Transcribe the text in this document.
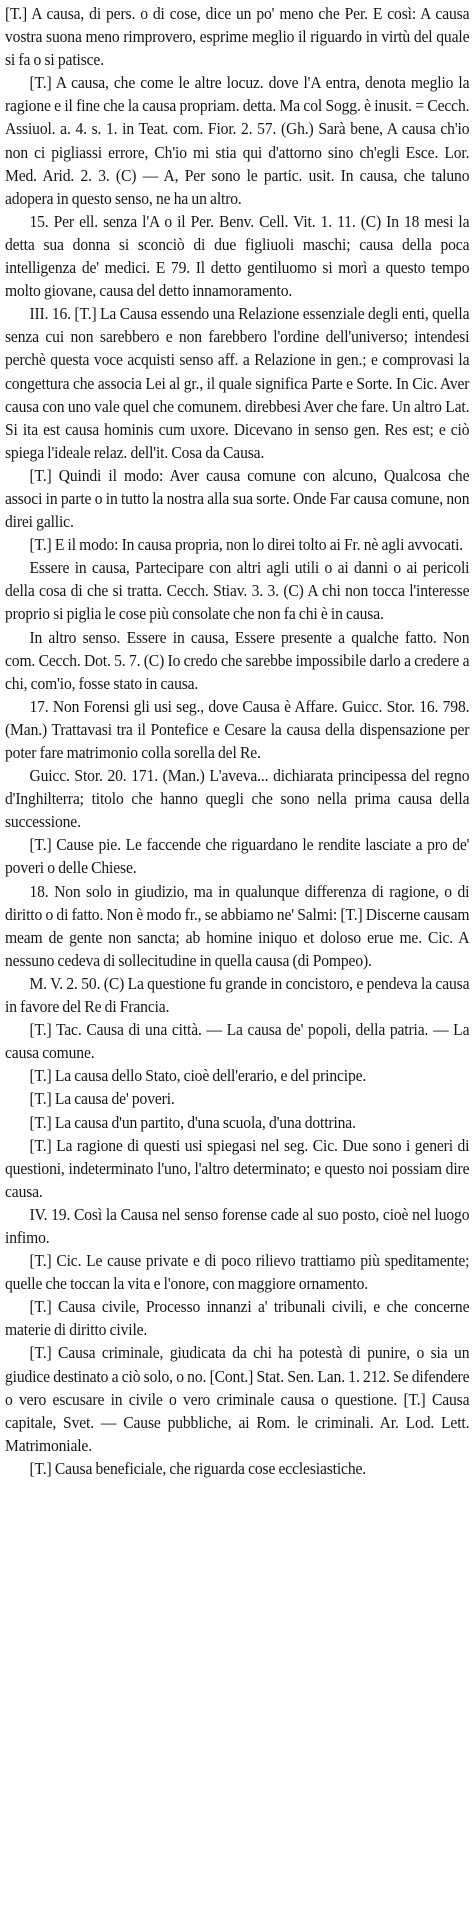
[T.] A causa, di pers. o di cose, dice un po' meno che Per. E così: A causa vostra suona meno rimprovero, esprime meglio il riguardo in virtù del quale si fa o si patisce.

[T.] A causa, che come le altre locuz. dove l'A entra, denota meglio la ragione e il fine che la causa propriam. detta. Ma col Sogg. è inusit. = Cecch. Assiuol. a. 4. s. 1. in Teat. com. Fior. 2. 57. (Gh.) Sarà bene, A causa ch'io non ci pigliassi errore, Ch'io mi stia qui d'attorno sino ch'egli Esce. Lor. Med. Arid. 2. 3. (C) — A, Per sono le partic. usit. In causa, che taluno adopera in questo senso, ne ha un altro.

15. Per ell. senza l'A o il Per. Benv. Cell. Vit. 1. 11. (C) In 18 mesi la detta sua donna si sconciò di due figliuoli maschi; causa della poca intelligenza de' medici. E 79. Il detto gentiluomo si morì a questo tempo molto giovane, causa del detto innamoramento.

III. 16. [T.] La Causa essendo una Relazione essenziale degli enti, quella senza cui non sarebbero e non farebbero l'ordine dell'universo; intendesi perchè questa voce acquisti senso aff. a Relazione in gen.; e comprovasi la congettura che associa Lei al gr., il quale significa Parte e Sorte. In Cic. Aver causa con uno vale quel che comunem. direbbesi Aver che fare. Un altro Lat. Si ita est causa hominis cum uxore. Dicevano in senso gen. Res est; e ciò spiega l'ideale relaz. dell'it. Cosa da Causa.

[T.] Quindi il modo: Aver causa comune con alcuno, Qualcosa che associ in parte o in tutto la nostra alla sua sorte. Onde Far causa comune, non direi gallic.

[T.] E il modo: In causa propria, non lo direi tolto ai Fr. nè agli avvocati.

Essere in causa, Partecipare con altri agli utili o ai danni o ai pericoli della cosa di che si tratta. Cecch. Stiav. 3. 3. (C) A chi non tocca l'interesse proprio si piglia le cose più consolate che non fa chi è in causa.

In altro senso. Essere in causa, Essere presente a qualche fatto. Non com. Cecch. Dot. 5. 7. (C) Io credo che sarebbe impossibile darlo a credere a chi, com'io, fosse stato in causa.

17. Non Forensi gli usi seg., dove Causa è Affare. Guicc. Stor. 16. 798. (Man.) Trattavasi tra il Pontefice e Cesare la causa della dispensazione per poter fare matrimonio colla sorella del Re.

Guicc. Stor. 20. 171. (Man.) L'aveva... dichiarata principessa del regno d'Inghilterra; titolo che hanno quegli che sono nella prima causa della successione.

[T.] Cause pie. Le faccende che riguardano le rendite lasciate a pro de' poveri o delle Chiese.

18. Non solo in giudizio, ma in qualunque differenza di ragione, o di diritto o di fatto. Non è modo fr., se abbiamo ne' Salmi: [T.] Discerne causam meam de gente non sancta; ab homine iniquo et doloso erue me. Cic. A nessuno cedeva di sollecitudine in quella causa (di Pompeo).

M. V. 2. 50. (C) La questione fu grande in concistoro, e pendeva la causa in favore del Re di Francia.

[T.] Tac. Causa di una città. — La causa de' popoli, della patria. — La causa comune.

[T.] La causa dello Stato, cioè dell'erario, e del principe.

[T.] La causa de' poveri.

[T.] La causa d'un partito, d'una scuola, d'una dottrina.

[T.] La ragione di questi usi spiegasi nel seg. Cic. Due sono i generi di questioni, indeterminato l'uno, l'altro determinato; e questo noi possiam dire causa.

IV. 19. Così la Causa nel senso forense cade al suo posto, cioè nel luogo infimo.

[T.] Cic. Le cause private e di poco rilievo trattiamo più speditamente; quelle che toccan la vita e l'onore, con maggiore ornamento.

[T.] Causa civile, Processo innanzi a' tribunali civili, e che concerne materie di diritto civile.

[T.] Causa criminale, giudicata da chi ha potestà di punire, o sia un giudice destinato a ciò solo, o no. [Cont.] Stat. Sen. Lan. 1. 212. Se difendere o vero escusare in civile o vero criminale causa o questione. [T.] Causa capitale, Svet. — Cause pubbliche, ai Rom. le criminali. Ar. Lod. Lett. Matrimoniale.

[T.] Causa beneficiale, che riguarda cose ecclesiastiche.
